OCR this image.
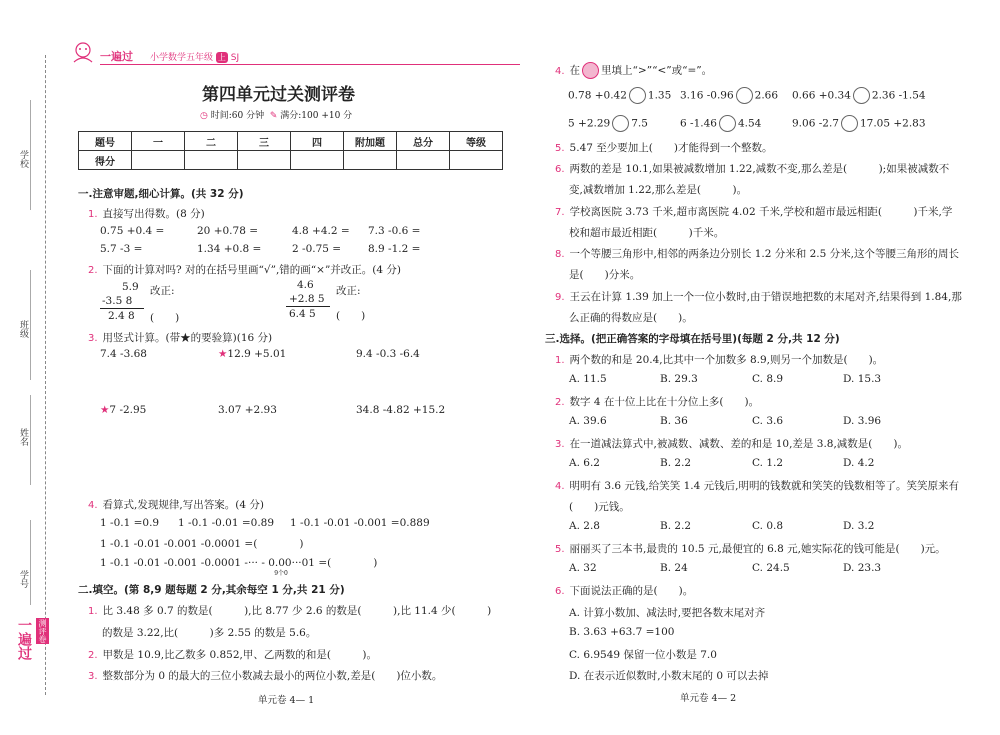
学校
班级
姓名
学号
一遍过 测评卷
一遍过 小学数学五年级 上 SJ
第四单元过关测评卷
◷ 时间:60 分钟 ✎ 满分:100 +10 分
题号	一	二	三	四	附加题	总分	等级
得分							
一.注意审题,细心计算。(共 32 分)
1. 直接写出得数。(8 分)
0.75 +0.4 =	20 +0.78 =	4.8 +4.2 = 7.3 -0.6 =
5.7 -3 =	1.34 +0.8 =	2 -0.75 =	8.9 -1.2 =
2. 下面的计算对吗? 对的在括号里画“√”,错的画“×”并改正。(4 分)
5.9
-3.5 8
2.4 8
改正:
(　　)
4.6
+2.8 5
6.4 5
改正:
(　　)
3. 用竖式计算。(带★的要验算)(16 分)
7.4 -3.68	★12.9 +5.01	9.4 -0.3 -6.4
★7 -2.95	3.07 +2.93	34.8 -4.82 +15.2
4. 看算式,发现规律,写出答案。(4 分)
1 -0.1 =0.9 1 -0.1 -0.01 =0.89 1 -0.1 -0.01 -0.001 =0.889
1 -0.1 -0.01 -0.001 -0.0001 =(　　　　)
1 -0.1 -0.01 -0.001 -0.0001 -··· - 0.00···01
9个0
=(　　　　)
二.填空。(第 8,9 题每题 2 分,其余每空 1 分,共 21 分)
1. 比 3.48 多 0.7 的数是(　　　),比 8.77 少 2.6 的数是(　　　),比 11.4 少(　　　)
的数是 3.22,比(　　　)多 2.55 的数是 5.6。
2. 甲数是 10.9,比乙数多 0.852,甲、乙两数的和是(　　　)。
3. 整数部分为 0 的最大的三位小数减去最小的两位小数,差是(　　)位小数。
单元卷 4— 1
4. 在 里填上“>”“<”或“=”。
0.78 +0.42 1.35 3.16 -0.96 2.66 0.66 +0.34 2.36 -1.54
5 +2.29 7.5	6 -1.46 4.54	9.06 -2.7 17.05 +2.83
5. 5.47 至少要加上(　　)才能得到一个整数。
6. 两数的差是 10.1,如果被减数增加 1.22,减数不变,那么差是(　　　);如果被减数不
变,减数增加 1.22,那么差是(　　　)。
7. 学校离医院 3.73 千米,超市离医院 4.02 千米,学校和超市最远相距(　　　)千米,学
校和超市最近相距(　　　)千米。
8. 一个等腰三角形中,相邻的两条边分别长 1.2 分米和 2.5 分米,这个等腰三角形的周长
是(　　)分米。
9. 王云在计算 1.39 加上一个一位小数时,由于错误地把数的末尾对齐,结果得到 1.84,那
么正确的得数应是(　　)。
三.选择。(把正确答案的字母填在括号里)(每题 2 分,共 12 分)
1. 两个数的和是 20.4,比其中一个加数多 8.9,则另一个加数是(　　)。
A. 11.5	B. 29.3	C. 8.9	D. 15.3
2. 数字 4 在十位上比在十分位上多(　　)。
A. 39.6	B. 36	C. 3.6	D. 3.96
3. 在一道减法算式中,被减数、减数、差的和是 10,差是 3.8,减数是(　　)。
A. 6.2	B. 2.2	C. 1.2	D. 4.2
4. 明明有 3.6 元钱,给笑笑 1.4 元钱后,明明的钱数就和笑笑的钱数相等了。笑笑原来有
(　　)元钱。
A. 2.8	B. 2.2	C. 0.8	D. 3.2
5. 丽丽买了三本书,最贵的 10.5 元,最便宜的 6.8 元,她实际花的钱可能是(　　)元。
A. 32	B. 24	C. 24.5	D. 23.3
6. 下面说法正确的是(　　)。
A. 计算小数加、减法时,要把各数末尾对齐
B. 3.63 +63.7 =100
C. 6.9549 保留一位小数是 7.0
D. 在表示近似数时,小数末尾的 0 可以去掉
单元卷 4— 2
